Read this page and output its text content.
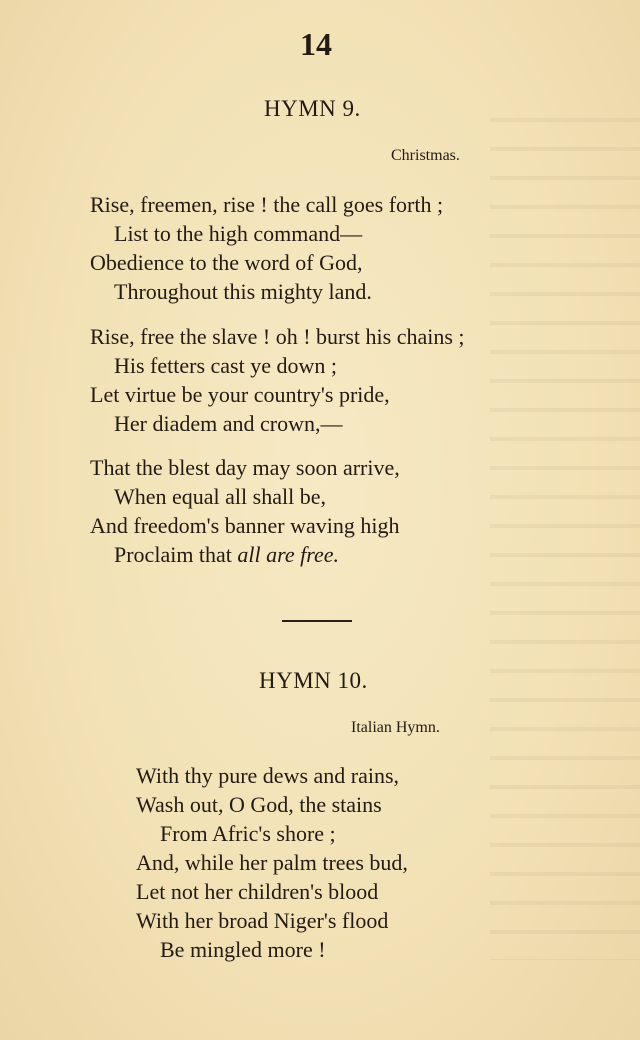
14
HYMN 9.
Christmas.
Rise, freemen, rise ! the call goes forth ;
List to the high command—
Obedience to the word of God,
Throughout this mighty land.
Rise, free the slave ! oh ! burst his chains ;
His fetters cast ye down ;
Let virtue be your country's pride,
Her diadem and crown,—
That the blest day may soon arrive,
When equal all shall be,
And freedom's banner waving high
Proclaim that all are free.
HYMN 10.
Italian Hymn.
With thy pure dews and rains,
Wash out, O God, the stains
From Afric's shore ;
And, while her palm trees bud,
Let not her children's blood
With her broad Niger's flood
Be mingled more !
